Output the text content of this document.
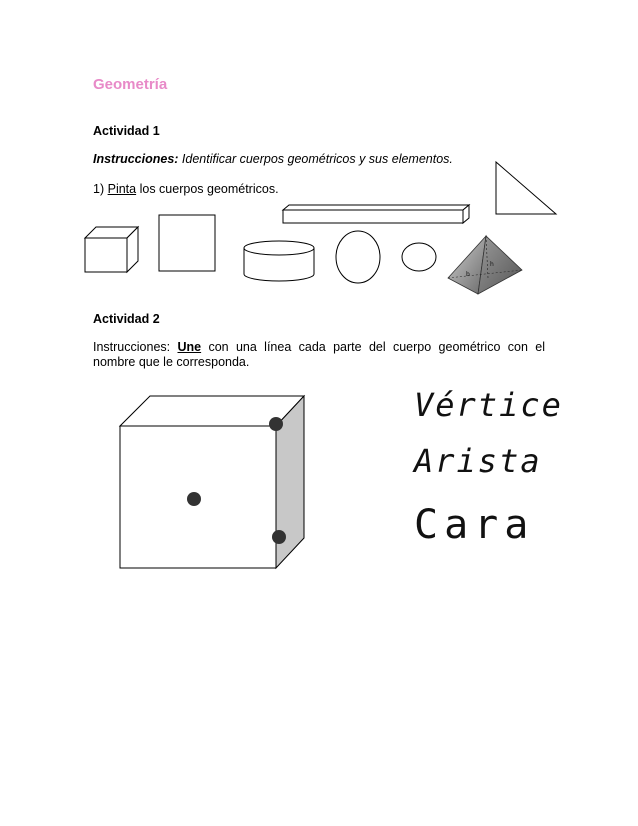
Geometría
Actividad 1
Instrucciones: Identificar cuerpos geométricos y sus elementos.
1) Pinta los cuerpos geométricos.
h
b
Actividad 2
Instrucciones: Une con una línea cada parte del cuerpo geométrico con el nombre que le corresponda.
Vértice
Arista
Cara
